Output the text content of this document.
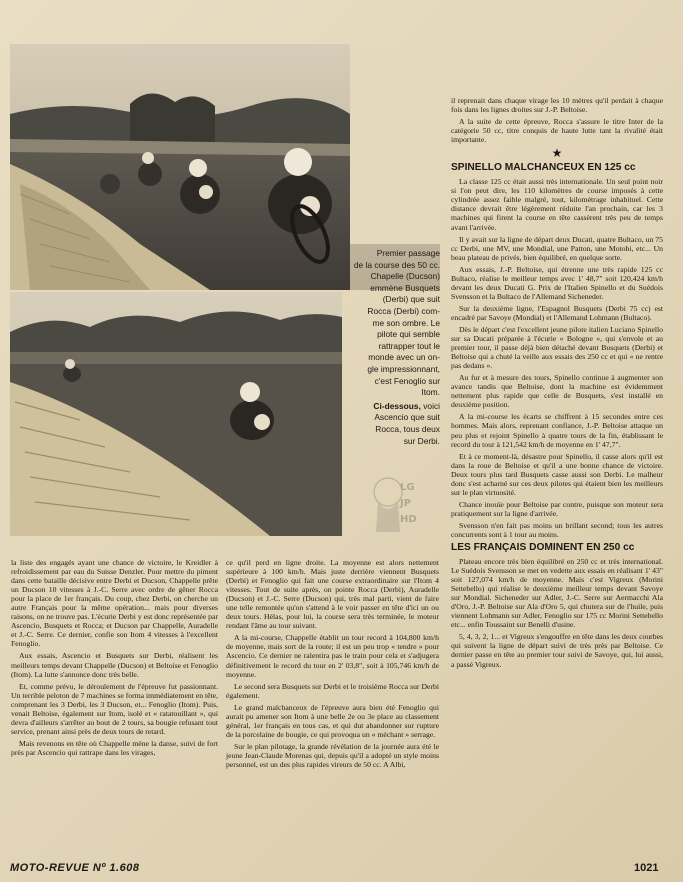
Premier passage
de la course des 50 cc.
Chapelle (Ducson)
emmène Busquets
(Derbi) que suit
Rocca (Derbi) com-
me son ombre. Le
pilote qui semble
rattrapper tout le
monde avec un on-
gle impressionnant,
c'est Fenoglio sur
Itom.

Ci-dessous, voici
Ascencio que suit
Rocca, tous deux
sur Derbi.

LG
JP
HD

la liste des engagés ayant une chance de victoire, le Kreidler à refroidissement par eau du Suisse Denzler. Pour mettre du piment dans cette bataille décisive entre Derbi et Ducson, Chappelle prête un Ducson 10 vitesses à J.-C. Serre avec ordre de gêner Rocca pour la place de 1er français. Du coup, chez Derbi, on cherche un autre Français pour la même opération... mais pour diverses raisons, on ne trouve pas. L'écurie Derbi y est donc représentée par Ascencio, Busquets et Rocca; et Ducson par Chappelle, Auradelle et J.-C. Serre. Ce dernier, confie son Itom 4 vitesses à l'excellent Fenoglio.

Aux essais, Ascencio et Busquets sur Derbi, réalisent les meilleurs temps devant Chappelle (Ducson) et Beltoise et Fenoglio (Itom). La lutte s'annonce donc très belle.

Et, comme prévu, le déroulement de l'épreuve fut passionnant. Un terrible peloton de 7 machines se forma immédiatement en tête, comprenant les 3 Derbi, les 3 Ducson, et... Fenoglio (Itom). Puis, venait Beltoise, également sur Itom, isolé et « ratatouillant », qui devra d'ailleurs s'arrêter au bout de 2 tours, sa bougie refusant tout service, prenant ainsi près de deux tours de retard.

Mais revenons en tête où Chappelle mène la danse, suivi de fort près par Ascencio qui rattrape dans les virages,

ce qu'il perd en ligne droite. La moyenne est alors nettement supérieure à 100 km/h. Mais juste derrière viennent Busquets (Derbi) et Fenoglio qui fait une course extraordinaire sur l'Itom 4 vitesses. Tout de suite après, on pointe Rocca (Derbi), Auradelle (Ducson) et J.-C. Serre (Ducson) qui, très mal parti, vient de faire une telle remontée qu'on s'attend à le voir passer en tête d'ici un ou deux tours. Hélas, pour lui, la course sera très terminée, le moteur rendant l'âme au tour suivant.

A la mi-course, Chappelle établit un tour record à 104,800 km/h de moyenne, mais sort de la route; il est un peu trop « tendre » pour Ascencio. Ce dernier ne ralentira pas le train pour cela et s'adjugera définitivement le record du tour en 2' 03,8", soit à 105,746 km/h de moyenne.

Le second sera Busquets sur Derbi et le troisième Rocca sur Derbi également.

Le grand malchanceux de l'épreuve aura bien été Fenoglio qui aurait pu amener son Itom à une belle 2e ou 3e place au classement général, 1er français en tous cas, et qui dut abandonner sur rupture de la porcelaine de bougie, ce qui provoqua un « méchant » serrage.

Sur le plan pilotage, la grande révélation de la journée aura été le jeune Jean-Claude Morenas qui, depuis qu'il a adopté un style moins personnel, est un des plus rapides vireurs de 50 cc. A Albi,

il reprenait dans chaque virage les 10 mètres qu'il perdait à chaque fois dans les lignes droites sur J.-P. Beltoise.

A la suite de cette épreuve, Rocca s'assure le titre Inter de la catégorie 50 cc, titre conquis de haute lutte tant la rivalité était importante.

★

SPINELLO MALCHANCEUX EN 125 cc

La classe 125 cc était aussi très internationale. Un seul point noir si l'on peut dire, les 110 kilomètres de course imposés à cette cylindrée assez faible malgré, tout, kilométrage inhabituel. Cette distance devrait être légèrement réduite l'an prochain, car les 3 machines qui firent la course en tête cassèrent très peu de temps avant l'arrivée.

Il y avait sur la ligne de départ deux Ducati, quatre Bultaco, un 75 cc Derbi, une MV, une Mondial, une Patton, une Motobi, etc... Un beau plateau de privés, bien équilibré, en quelque sorte.

Aux essais, J.-P. Beltoise, qui étrenne une très rapide 125 cc Bultaco, réalise le meilleur temps avec 1' 48,7" soit 120,424 km/h devant les deux Ducati G. Prix de l'Italien Spinello et du Suédois Svensson et la Bultaco de l'Allemand Sicheneder.

Sur la deuxième ligne, l'Espagnol Busquets (Derbi 75 cc) est encadré par Savoye (Mondial) et l'Allemand Lohmann (Bultaco).

Dès le départ c'est l'excellent jeune pilote italien Luciano Spinello sur sa Ducati préparée à l'écurie « Bologne », qui s'envole et au premier tour, il passe déjà bien détaché devant Busquets (Derbi) et Beltoise qui a chuté la veille aux essais des 250 cc et qui « ne rentre pas dedans ».

Au fur et à mesure des tours, Spinello continue à augmenter son avance tandis que Beltoise, dont la machine est évidemment nettement plus rapide que celle de Busquets, s'est installé en deuxième position.

A la mi-course les écarts se chiffrent à 15 secondes entre ces hommes. Mais alors, reprenant confiance, J.-P. Beltoise attaque un peu plus et rejoint Spinello à quatre tours de la fin, établissant le record du tour à 121,542 km/h de moyenne en 1' 47,7".

Et à ce moment-là, désastre pour Spinello, il casse alors qu'il est dans la roue de Beltoise et qu'il a une bonne chance de victoire. Deux tours plus tard Busquets casse aussi son Derbi. Le malheur donc s'est acharné sur ces deux pilotes qui étaient bien les meilleurs sur le plan virtuosité.

Chance inouïe pour Beltoise par contre, puisque son moteur sera pratiquement sur la ligne d'arrivée.

Svensson n'en fait pas moins un brillant second; tous les autres concurrents sont à 1 tour au moins.

LES FRANÇAIS DOMINENT EN 250 cc

Plateau encore très bien équilibré en 250 cc et très international. Le Suédois Svensson se met en vedette aux essais en réalisant 1' 43" soit 127,074 km/h de moyenne. Mais c'est Vigreux (Morini Settebello) qui réalise le deuxième meilleur temps devant Savoye sur Mondial. Sicheneder sur Adler, J.-C. Serre sur Aermacchi Ala d'Oro, J.-P. Beltoise sur Ala d'Oro 5, qui chutera sur de l'huile, puis viennent Lohmann sur Adler, Fenoglio sur 175 cc Morini Settebello etc... enfin Toussaint sur Benelli d'usine.

5, 4, 3, 2, 1... et Vigreux s'engouffre en tête dans les deux courbes qui suivent la ligne de départ suivi de très près par Beltoise. Ce dernier passe en tête au premier tour suivi de Savoye, qui, lui aussi, a passé Vigreux.

MOTO-REVUE Nº 1.608	1021
